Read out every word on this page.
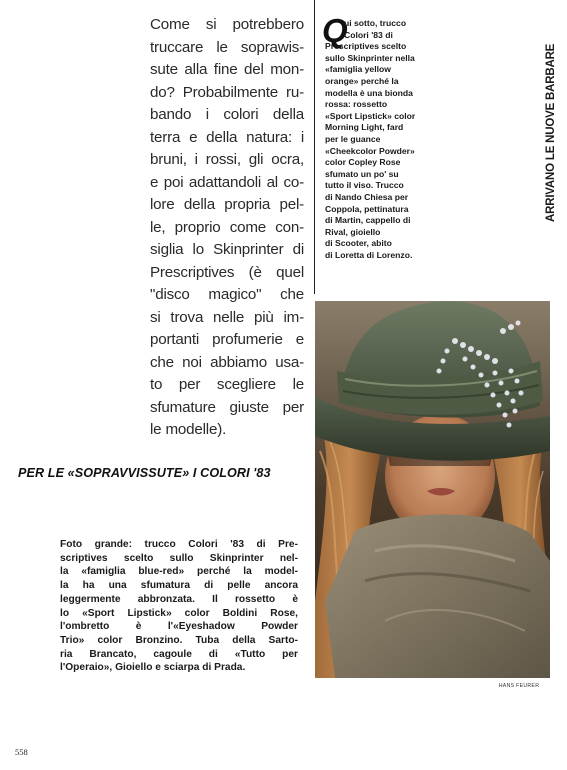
ARRIVANO LE NUOVE BARBARE
Come si potrebbero
truccare le soprawis-
sute alla fine del mon-
do? Probabilmente ru-
bando i colori della
terra e della natura: i
bruni, i rossi, gli ocra,
e poi adattandoli al co-
lore della propria pel-
le, proprio come con-
siglia lo Skinprinter di
Prescriptives (è quel
"disco magico" che
si trova nelle più im-
portanti profumerie e
che noi abbiamo usa-
to per scegliere le
sfumature giuste per
le modelle).
Q
ui sotto, trucco
Colori '83 di
Prescriptives scelto
sullo Skinprinter nella
«famiglia yellow
orange» perché la
modella è una bionda
rossa: rossetto
«Sport Lipstick» color
Morning Light, fard
per le guance
«Cheekcolor Powder»
color Copley Rose
sfumato un po' su
tutto il viso. Trucco
di Nando Chiesa per
Coppola, pettinatura
di Martin, cappello di
Rival, gioiello
di Scooter, abito
di Loretta di Lorenzo.
PER LE «SOPRAVVISSUTE» I COLORI '83
Foto grande: trucco Colori '83 di Pre-
scriptives scelto sullo Skinprinter nel-
la «famiglia blue-red» perché la model-
la ha una sfumatura di pelle ancora
leggermente abbronzata. Il rossetto è
lo «Sport Lipstick» color Boldini Rose,
l'ombretto è l'«Eyeshadow Powder
Trio» color Bronzino. Tuba della Sarto-
ria Brancato, cagoule di «Tutto per
l'Operaio», Gioiello e sciarpa di Prada.
HANS FEURER
558
